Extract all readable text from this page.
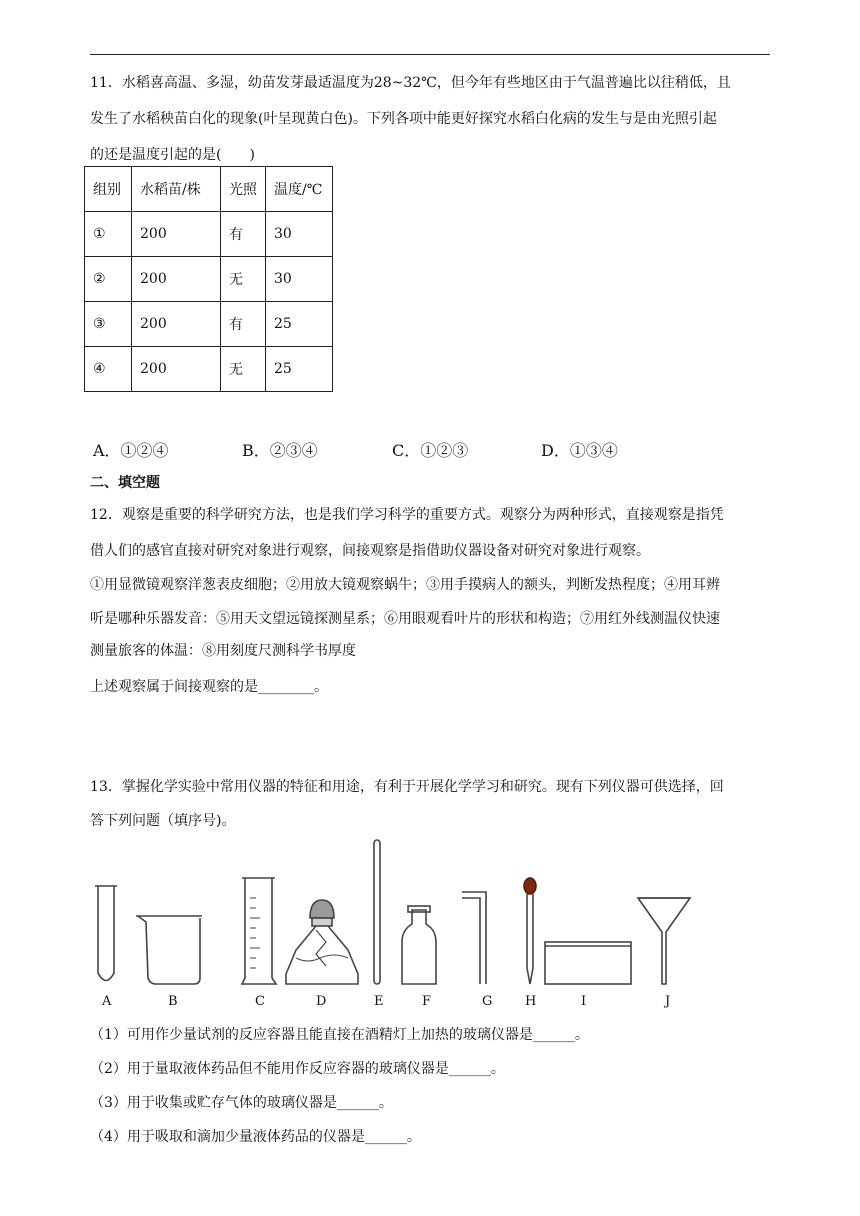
11．水稻喜高温、多湿，幼苗发芽最适温度为28~32℃，但今年有些地区由于气温普遍比以往稍低，且
发生了水稻秧苗白化的现象(叶呈现黄白色)。下列各项中能更好探究水稻白化病的发生与是由光照引起
的还是温度引起的是(　　)
组别	水稻苗/株	光照	温度/℃
①	200	有	30
②	200	无	30
③	200	有	25
④	200	无	25
A．①②④	B．②③④	C．①②③	D．①③④
二、填空题
12．观察是重要的科学研究方法，也是我们学习科学的重要方式。观察分为两种形式，直接观察是指凭
借人们的感官直接对研究对象进行观察，间接观察是指借助仪器设备对研究对象进行观察。
①用显微镜观察洋葱表皮细胞；②用放大镜观察蜗牛；③用手摸病人的额头，判断发热程度；④用耳辨
听是哪种乐器发音：⑤用天文望远镜探测星系；⑥用眼观看叶片的形状和构造；⑦用红外线测温仪快速
测量旅客的体温：⑧用刻度尺测科学书厚度
上述观察属于间接观察的是________。
13．掌握化学实验中常用仪器的特征和用途，有利于开展化学学习和研究。现有下列仪器可供选择，回
答下列问题（填序号)。
A	B	C	D	E	F	G	H	I	J
（1）可用作少量试剂的反应容器且能直接在酒精灯上加热的玻璃仪器是______。
（2）用于量取液体药品但不能用作反应容器的玻璃仪器是______。
（3）用于收集或贮存气体的玻璃仪器是______。
（4）用于吸取和滴加少量液体药品的仪器是______。
